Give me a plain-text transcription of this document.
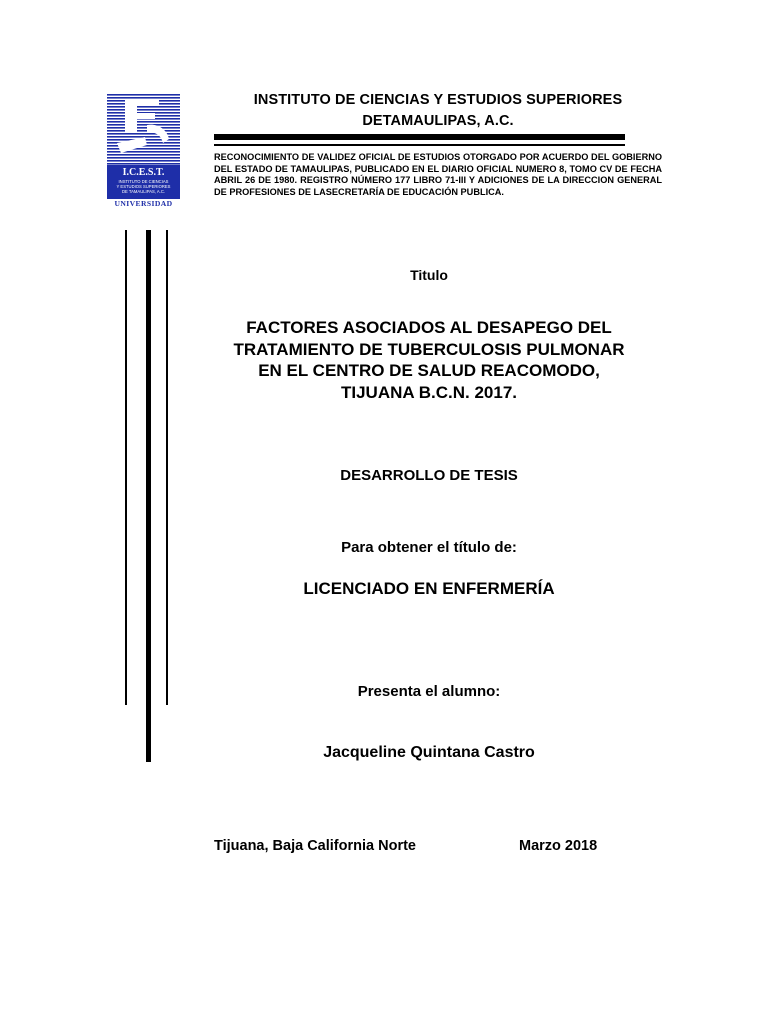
I.C.E.S.T.
INSTITUTO DE CIENCIAS
Y ESTUDIOS SUPERIORES
DE TAMAULIPAS, A.C.
UNIVERSIDAD
INSTITUTO DE CIENCIAS Y ESTUDIOS SUPERIORES
DETAMAULIPAS, A.C.
RECONOCIMIENTO DE VALIDEZ OFICIAL DE ESTUDIOS OTORGADO POR ACUERDO DEL GOBIERNO DEL ESTADO DE TAMAULIPAS, PUBLICADO EN EL DIARIO OFICIAL NUMERO 8, TOMO CV DE FECHA ABRIL 26 DE 1980. REGISTRO NÚMERO 177 LIBRO 71-III Y ADICIONES DE LA DIRECCION GENERAL DE PROFESIONES DE LASECRETARÍA DE EDUCACIÓN PUBLICA.
Titulo
FACTORES ASOCIADOS AL DESAPEGO DEL
TRATAMIENTO DE TUBERCULOSIS PULMONAR
EN EL CENTRO DE SALUD REACOMODO,
TIJUANA B.C.N. 2017.
DESARROLLO DE TESIS
Para obtener el título de:
LICENCIADO EN ENFERMERÍA
Presenta el alumno:
Jacqueline Quintana Castro
Tijuana, Baja California Norte	Marzo 2018
